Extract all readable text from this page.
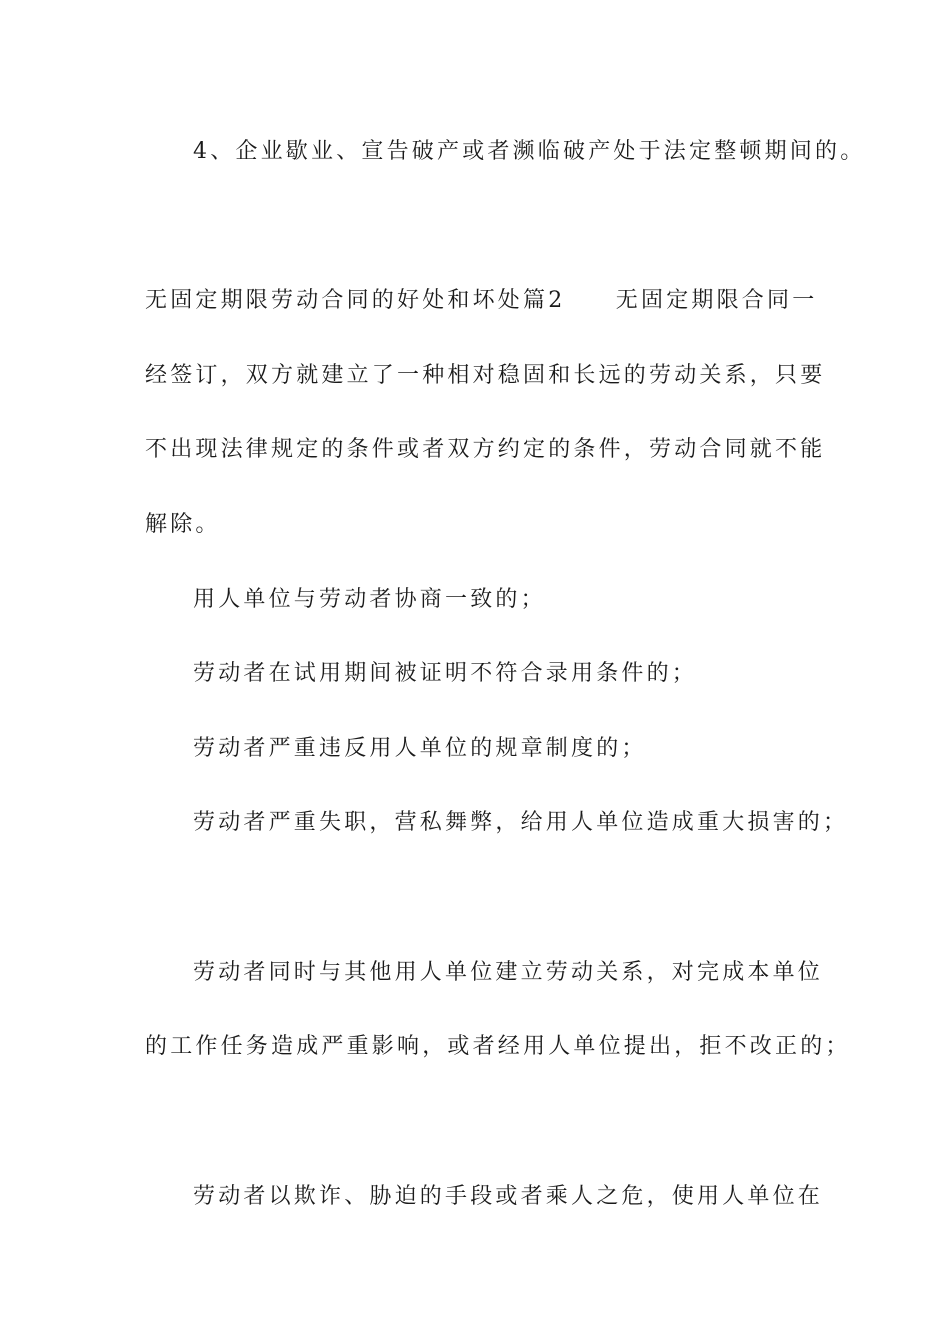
4、企业歇业、宣告破产或者濒临破产处于法定整顿期间的。
无固定期限劳动合同的好处和坏处篇2　　无固定期限合同一
经签订，双方就建立了一种相对稳固和长远的劳动关系，只要
不出现法律规定的条件或者双方约定的条件，劳动合同就不能
解除。
用人单位与劳动者协商一致的；
劳动者在试用期间被证明不符合录用条件的；
劳动者严重违反用人单位的规章制度的；
劳动者严重失职，营私舞弊，给用人单位造成重大损害的；
劳动者同时与其他用人单位建立劳动关系，对完成本单位
的工作任务造成严重影响，或者经用人单位提出，拒不改正的；
劳动者以欺诈、胁迫的手段或者乘人之危，使用人单位在
